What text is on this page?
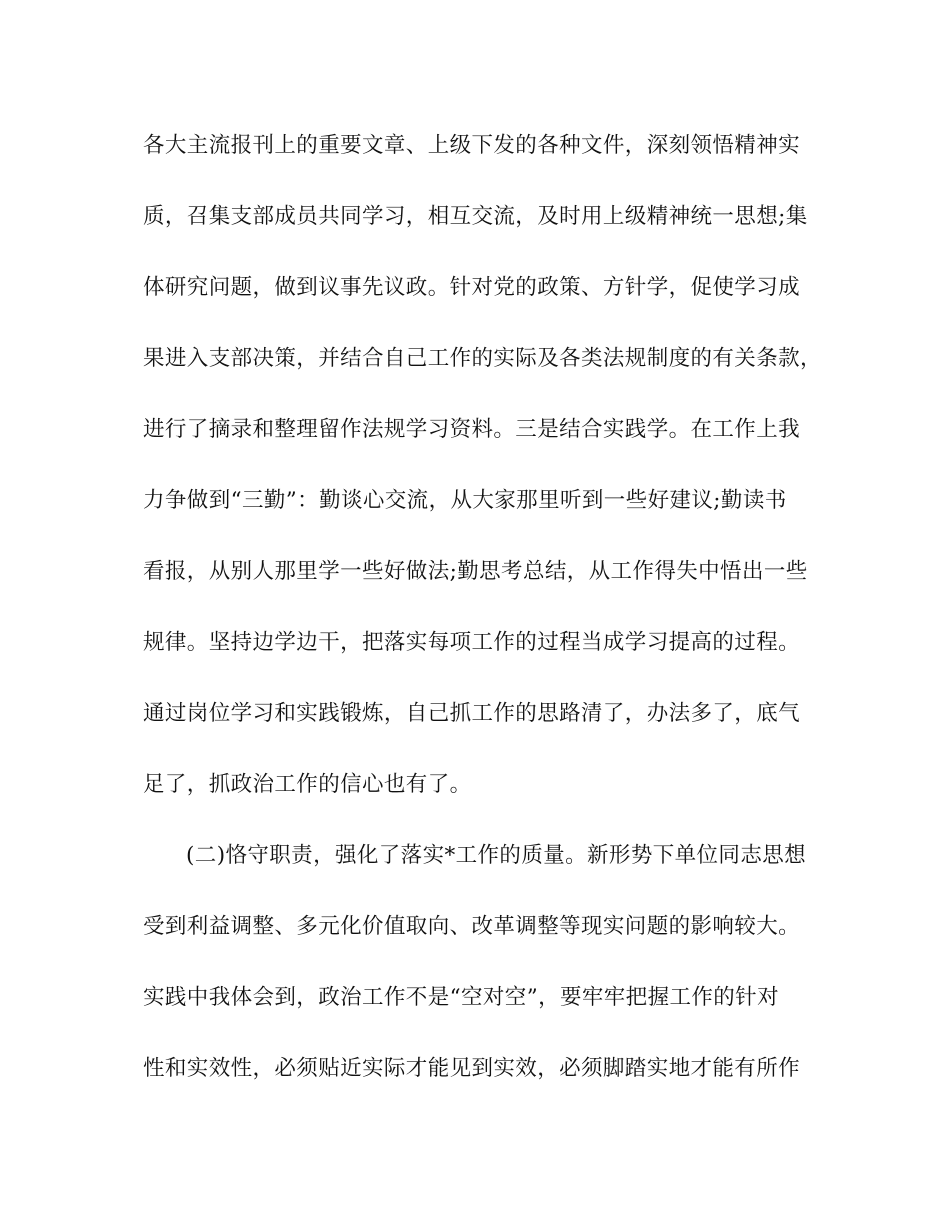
各大主流报刊上的重要文章、上级下发的各种文件，深刻领悟精神实
质，召集支部成员共同学习，相互交流，及时用上级精神统一思想;集
体研究问题，做到议事先议政。针对党的政策、方针学，促使学习成
果进入支部决策，并结合自己工作的实际及各类法规制度的有关条款，
进行了摘录和整理留作法规学习资料。三是结合实践学。在工作上我
力争做到“三勤”：勤谈心交流，从大家那里听到一些好建议;勤读书
看报，从别人那里学一些好做法;勤思考总结，从工作得失中悟出一些
规律。坚持边学边干，把落实每项工作的过程当成学习提高的过程。
通过岗位学习和实践锻炼，自己抓工作的思路清了，办法多了，底气
足了，抓政治工作的信心也有了。
(二)恪守职责，强化了落实*工作的质量。新形势下单位同志思想
受到利益调整、多元化价值取向、改革调整等现实问题的影响较大。
实践中我体会到，政治工作不是“空对空”，要牢牢把握工作的针对
性和实效性，必须贴近实际才能见到实效，必须脚踏实地才能有所作
